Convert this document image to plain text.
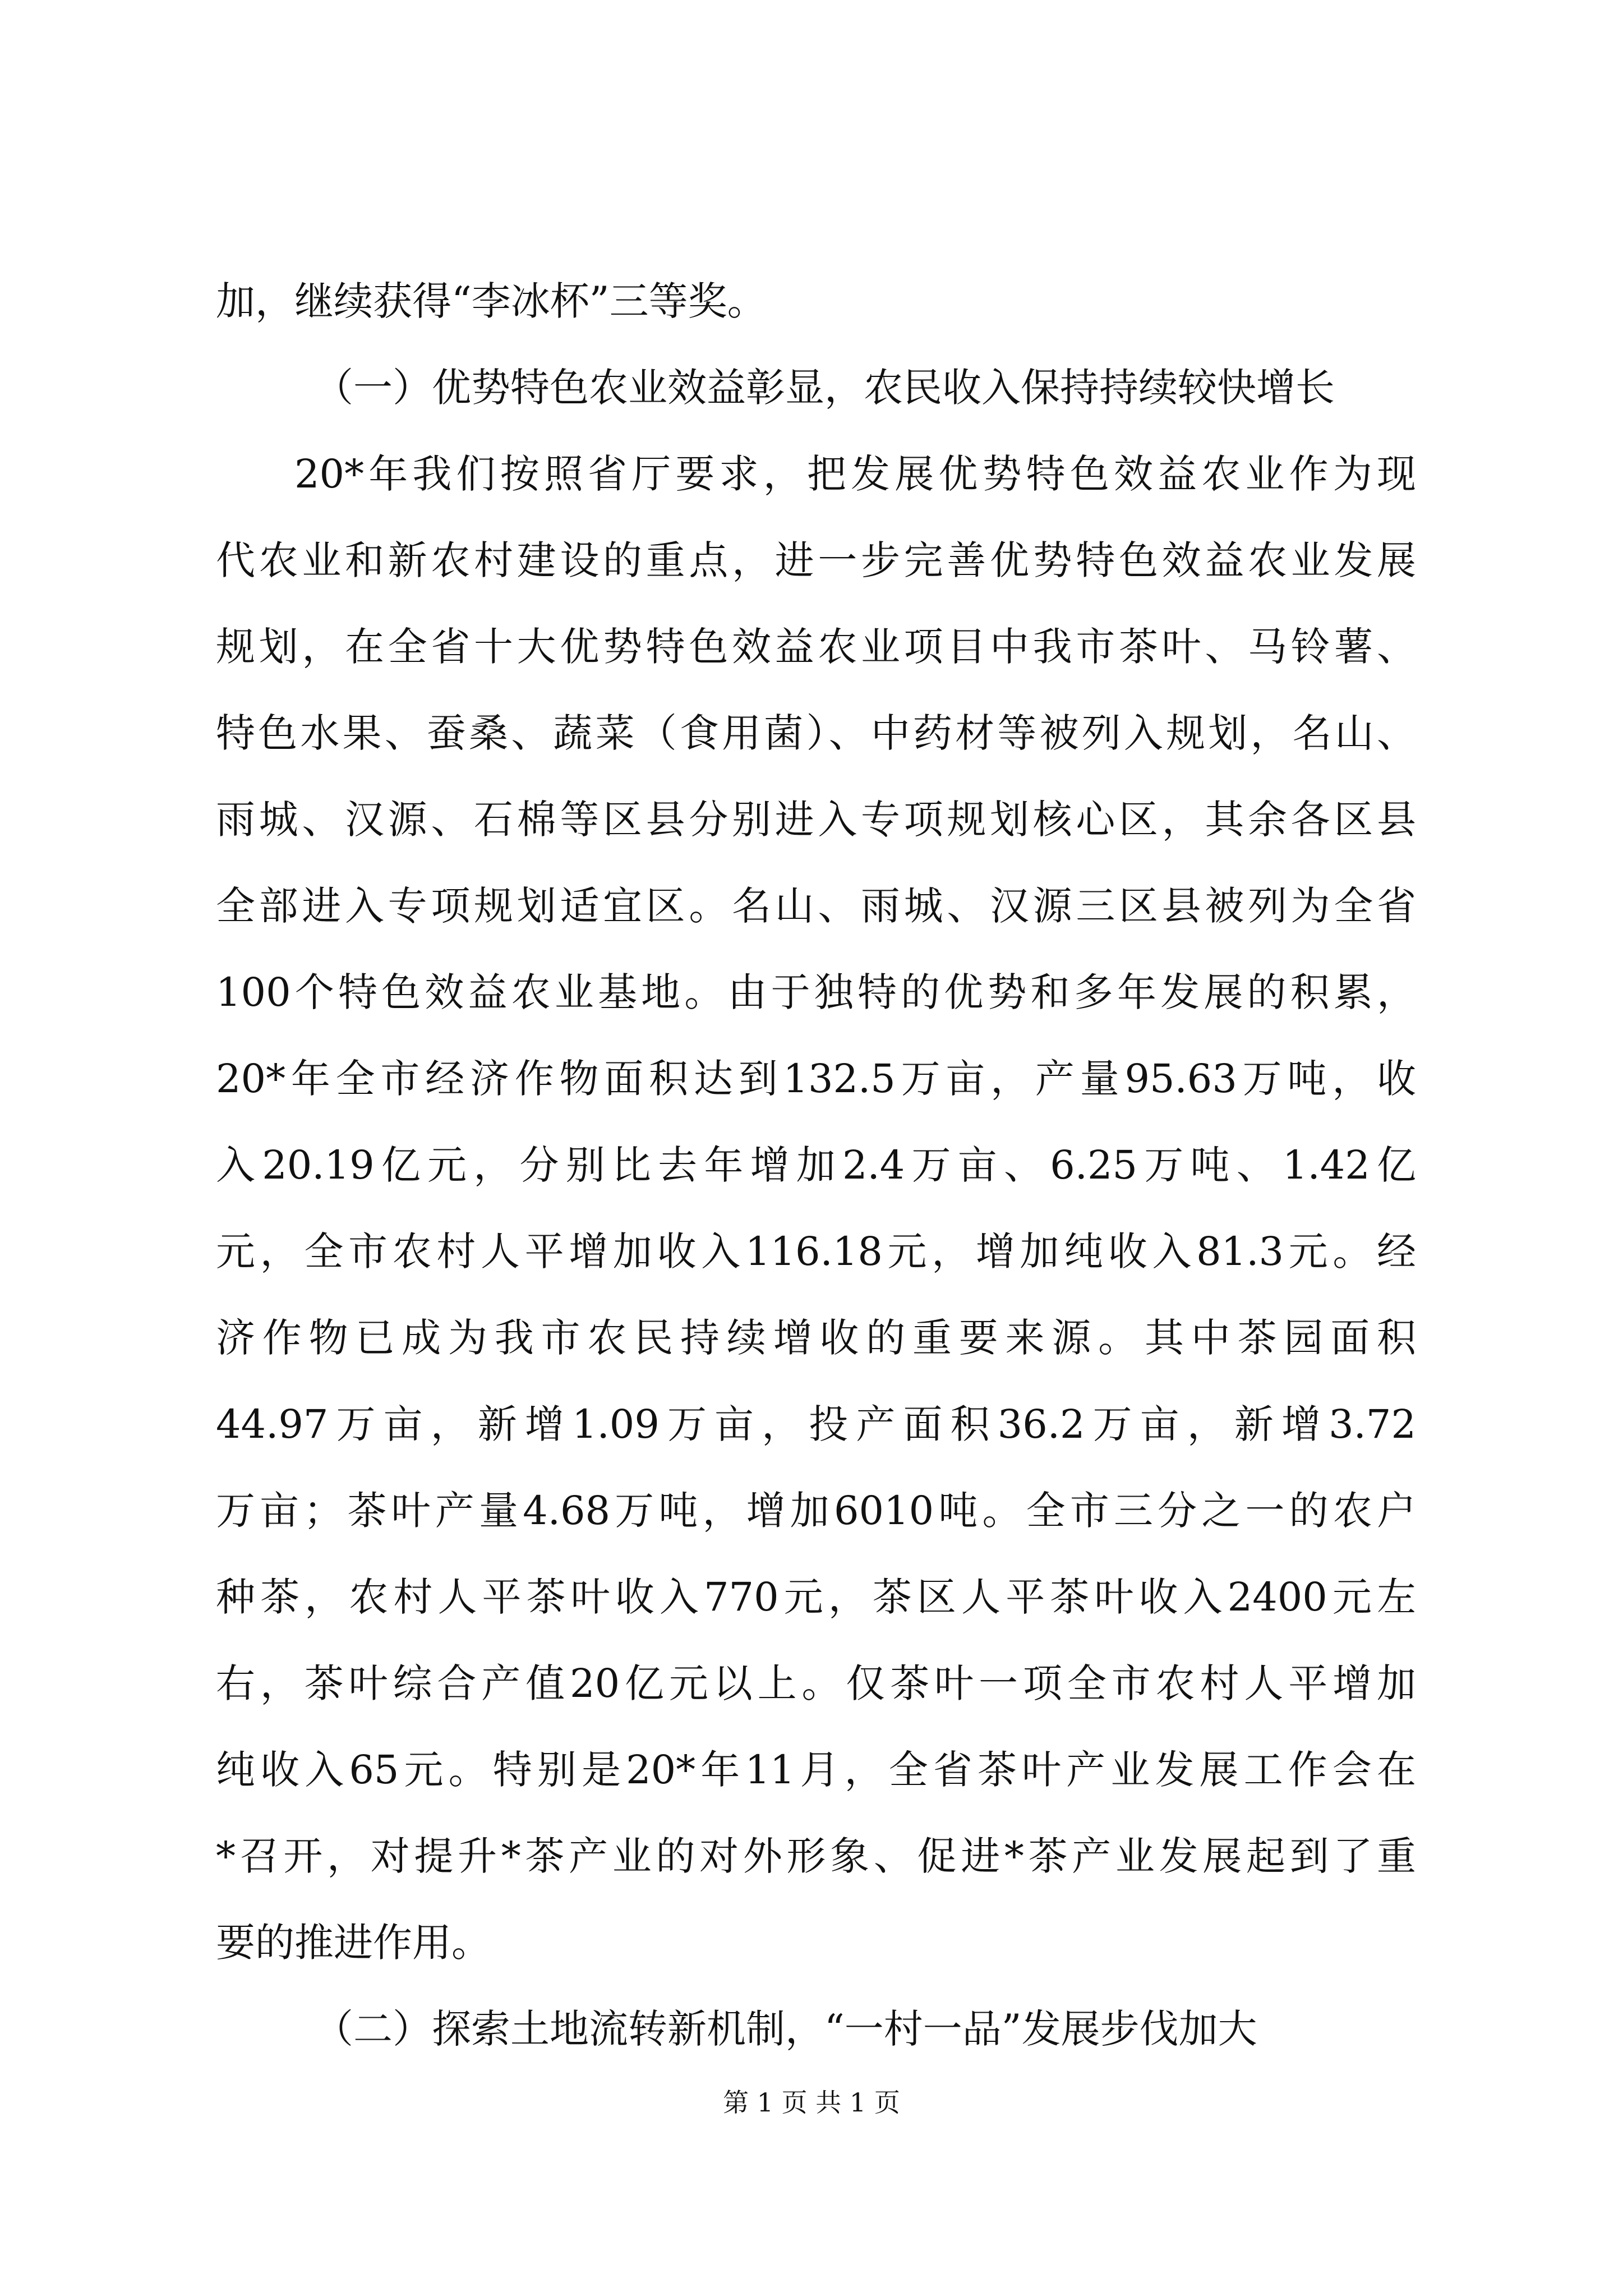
加，继续获得“李冰杯”三等奖。
（一）优势特色农业效益彰显，农民收入保持持续较快增长
20*年我们按照省厅要求，把发展优势特色效益农业作为现
代农业和新农村建设的重点，进一步完善优势特色效益农业发展
规划，在全省十大优势特色效益农业项目中我市茶叶、马铃薯、
特色水果、蚕桑、蔬菜（食用菌）、中药材等被列入规划，名山、
雨城、汉源、石棉等区县分别进入专项规划核心区，其余各区县
全部进入专项规划适宜区。名山、雨城、汉源三区县被列为全省
100个特色效益农业基地。由于独特的优势和多年发展的积累，
20*年全市经济作物面积达到132.5万亩，产量95.63万吨，收
入20.19亿元，分别比去年增加2.4万亩、6.25万吨、1.42亿
元，全市农村人平增加收入116.18元，增加纯收入81.3元。经
济作物已成为我市农民持续增收的重要来源。其中茶园面积
44.97万亩，新增1.09万亩，投产面积36.2万亩，新增3.72
万亩；茶叶产量4.68万吨，增加6010吨。全市三分之一的农户
种茶，农村人平茶叶收入770元，茶区人平茶叶收入2400元左
右，茶叶综合产值20亿元以上。仅茶叶一项全市农村人平增加
纯收入65元。特别是20*年11月，全省茶叶产业发展工作会在
*召开，对提升*茶产业的对外形象、促进*茶产业发展起到了重
要的推进作用。
（二）探索土地流转新机制，“一村一品”发展步伐加大
第 1 页 共 1 页
